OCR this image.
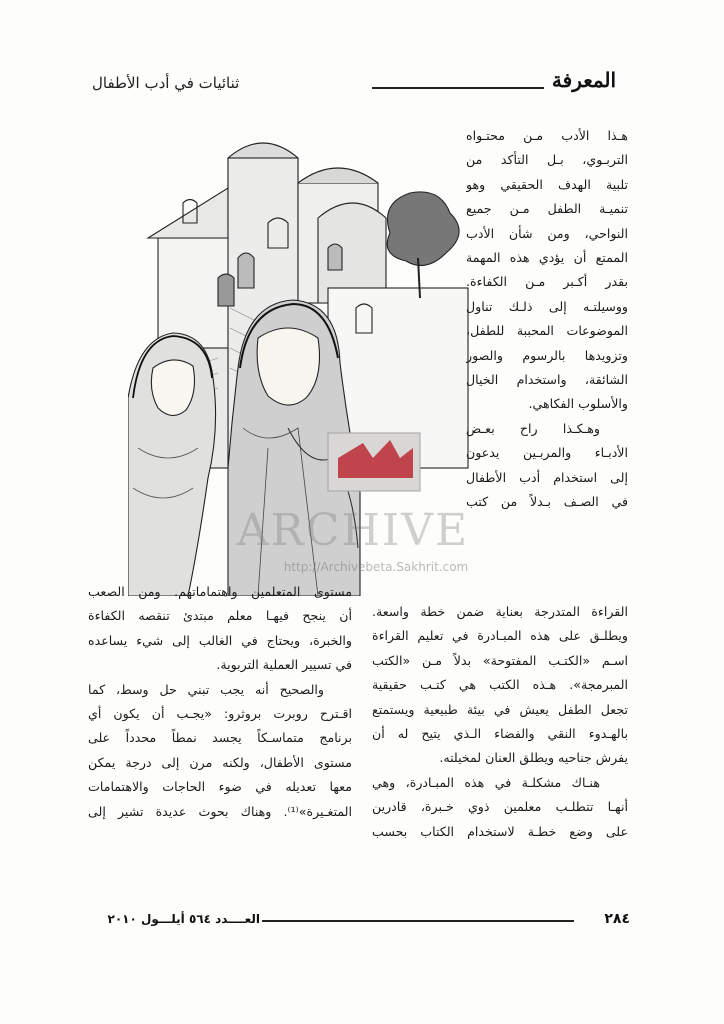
ثنائيات في أدب الأطفال	المعرفة
ARCHIVE
http://Archivebeta.Sakhrit.com
هـذا الأدب مـن محتـواه
التربـوي، بـل التأكد من
تلبية الهدف الحقيقي وهو
تنميـة الطفل مـن جميع
النواحي، ومن شأن الأدب
الممتع أن يؤدي هذه المهمة
بقدر أكـبر مـن الكفاءة.
ووسيلتـه إلى ذلـك تناول
الموضوعات المحببة للطفل،
وتزويدها بالرسوم والصور
الشائقة، واستخدام الخيال
والأسلوب الفكاهي.
وهـكـذا راح بعـض
الأدبـاء والمربـين يدعون
إلى استخدام أدب الأطفال
في الصـف بـدلاً من كتب
مستوى المتعلمين واهتماماتهم. ومن الصعب
أن ينجح فيهـا معلم مبتدئ تنقصه الكفاءة
والخبرة، ويحتاج في الغالب إلى شيء يساعده
في تسيير العملية التربوية.
والصحيح أنه يجب تبني حل وسط، كما
اقـترح روبرت بروثرو: «يجـب أن يكون أي
برنامج متماسـكاً يجسد نمطاً محدداً على
مستوى الأطفال، ولكنه مرن إلى درجة يمكن
معها تعديله في ضوء الحاجات والاهتمامات
المتغـيرة»⁽¹⁾. وهناك بحوث عديدة تشير إلى
القراءة المتدرجة بعناية ضمن خطة واسعة.
ويطلـق على هذه المبـادرة في تعليم القراءة
اسـم «الكتـب المفتوحة» بدلاً مـن «الكتب
المبرمجة». هـذه الكتب هي كتـب حقيقية
تجعل الطفل يعيش في بيئة طبيعية ويستمتع
بالهـدوء النقي والفضاء الـذي يتيح له أن
يفرش جناحيه ويطلق العنان لمخيلته.
هنـاك مشكلـة في هذه المبـادرة، وهي
أنهـا تتطلـب معلمين ذوي خـبرة، قادرين
على وضع خطـة لاستخدام الكتاب بحسب
٢٨٤
العــــدد ٥٦٤ أيلـــول ٢٠١٠
